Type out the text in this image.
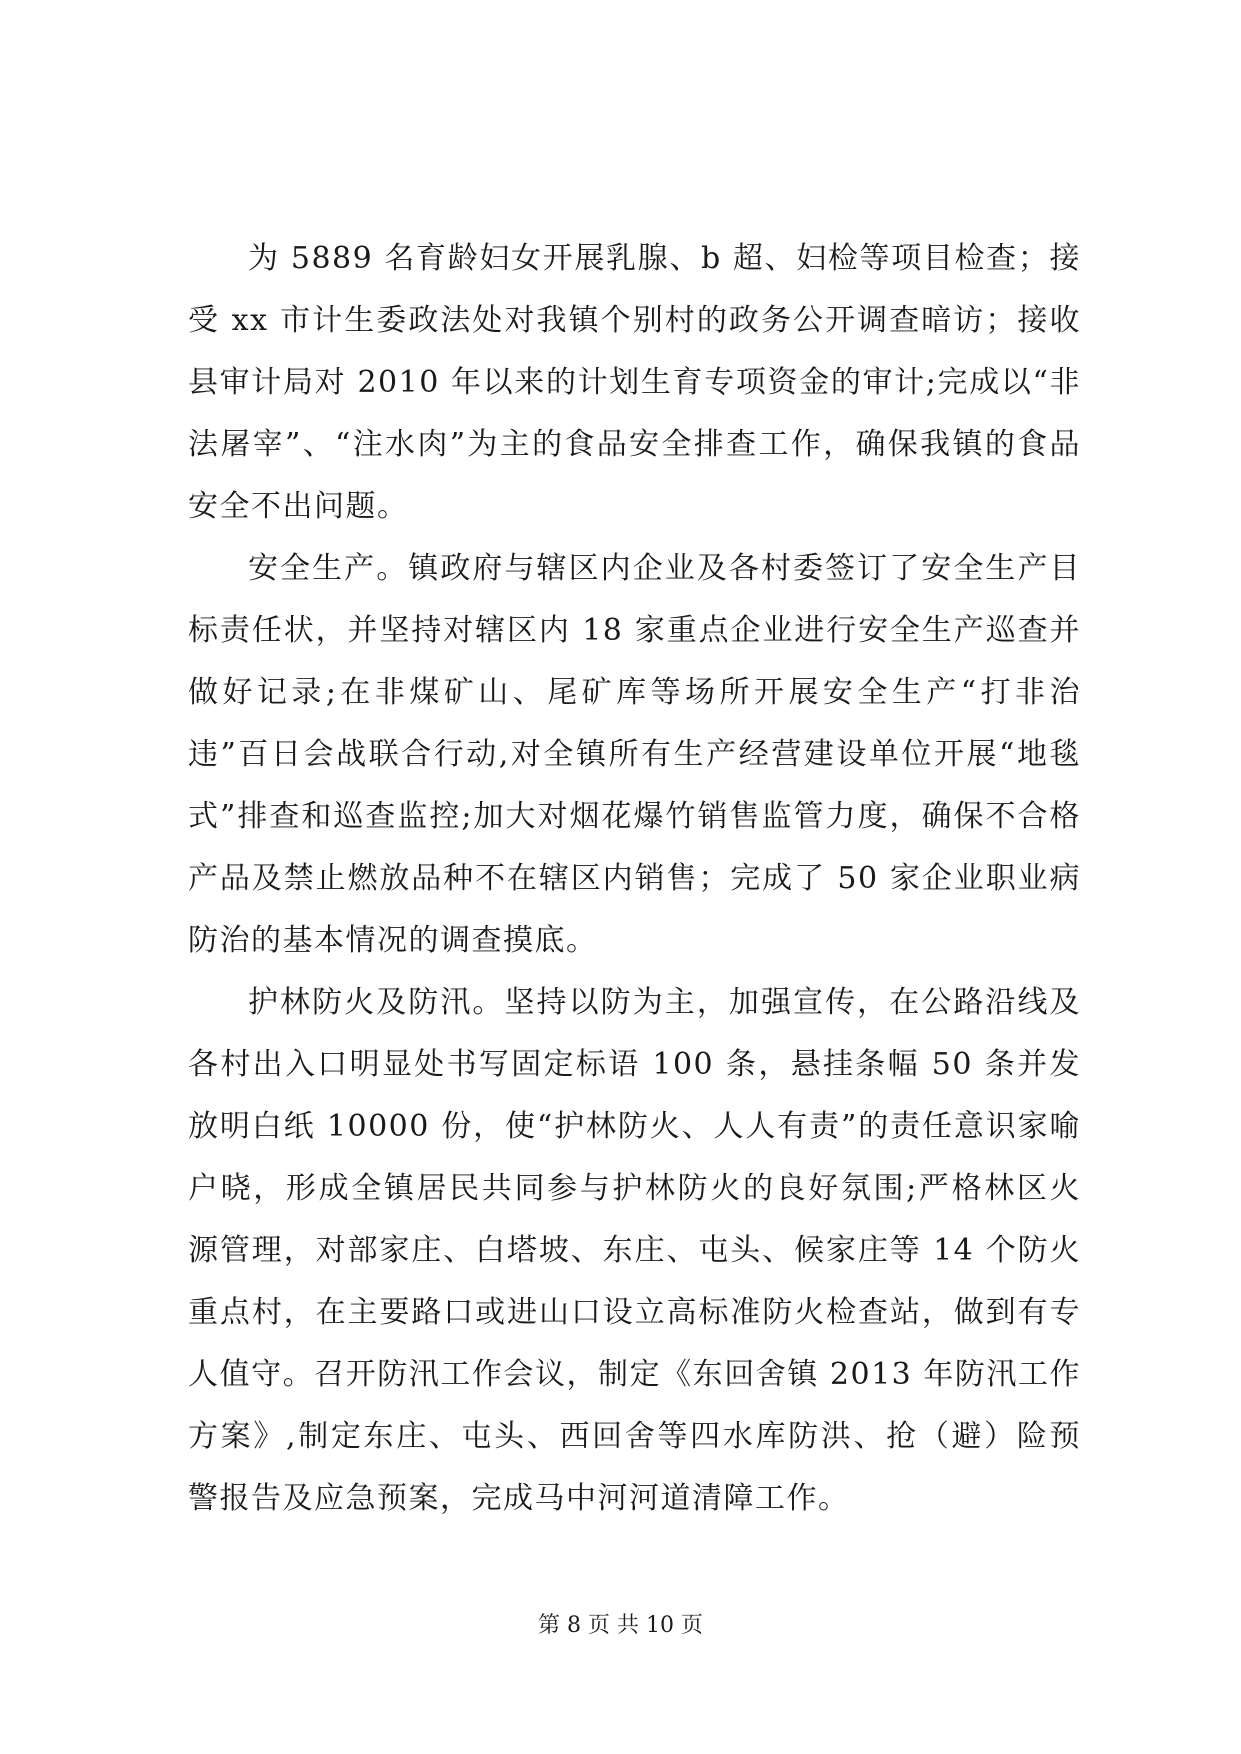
为 5889 名育龄妇女开展乳腺、b 超、妇检等项目检查；接受 xx 市计生委政法处对我镇个别村的政务公开调查暗访；接收县审计局对 2010 年以来的计划生育专项资金的审计;完成以“非法屠宰”、“注水肉”为主的食品安全排查工作，确保我镇的食品安全不出问题。

安全生产。镇政府与辖区内企业及各村委签订了安全生产目标责任状，并坚持对辖区内 18 家重点企业进行安全生产巡查并做好记录;在非煤矿山、尾矿库等场所开展安全生产“打非治违”百日会战联合行动,对全镇所有生产经营建设单位开展“地毯式”排查和巡查监控;加大对烟花爆竹销售监管力度，确保不合格产品及禁止燃放品种不在辖区内销售；完成了 50 家企业职业病防治的基本情况的调查摸底。

护林防火及防汛。坚持以防为主，加强宣传，在公路沿线及各村出入口明显处书写固定标语 100 条，悬挂条幅 50 条并发放明白纸 10000 份，使“护林防火、人人有责”的责任意识家喻户晓，形成全镇居民共同参与护林防火的良好氛围;严格林区火源管理，对部家庄、白塔坡、东庄、屯头、候家庄等 14 个防火重点村，在主要路口或进山口设立高标准防火检查站，做到有专人值守。召开防汛工作会议，制定《东回舍镇 2013 年防汛工作方案》,制定东庄、屯头、西回舍等四水库防洪、抢（避）险预警报告及应急预案，完成马中河河道清障工作。

第 8 页 共 10 页
